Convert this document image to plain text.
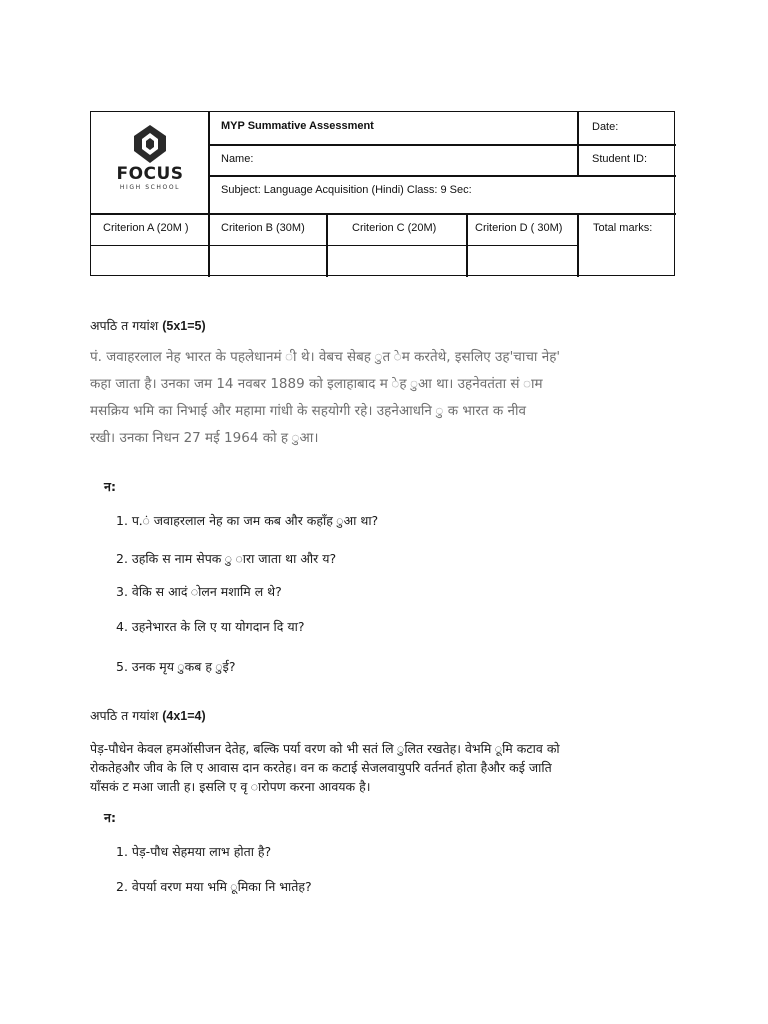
FOCUS
HIGH SCHOOL
MYP Summative Assessment	Date:
Name:	Student ID:
Subject: Language Acquisition (Hindi) Class: 9 Sec:
Criterion A (20M )	Criterion B (30M)	Criterion C (20M)	Criterion D ( 30M)	Total marks:
अपठि त गयांश (5x1=5)
पं. जवाहरलाल नेह भारत के पहलेधानमं ी थे। वेबच सेबह ुत ेम करतेथे, इसलिए उह'चाचा नेह'
कहा जाता है। उनका जम 14 नवबर 1889 को इलाहाबाद म ेह ुआ था। उहनेवतंता सं ाम
मसक्रिय भमि का निभाई और महामा गांधी के सहयोगी रहे। उहनेआधनि ु क भारत क नीव
रखी। उनका निधन 27 मई 1964 को ह ुआ।
न:
1. प.ं जवाहरलाल नेह का जम कब और कहाँह ुआ था?
2. उहकि स नाम सेपक ु ारा जाता था और य?
3. वेकि स आदं ोलन मशामि ल थे?
4. उहनेभारत के लि ए या योगदान दि या?
5. उनक मृय ुकब ह ुई?
अपठि त गयांश (4x1=4)
पेड़-पौधेन केवल हमऑसीजन देतेह, बल्कि पर्या वरण को भी सतं लि ुलित रखतेह। वेभमि ूमि कटाव को
रोकतेहऔर जीव के लि ए आवास दान करतेह। वन क कटाई सेजलवायुपरि वर्तनर्त होता हैऔर कई जाति
याँसकं ट मआ जाती ह। इसलि ए वृ ारोपण करना आवयक है।
न:
1. पेड़-पौध सेहमया लाभ होता है?
2. वेपर्या वरण मया भमि ूमिका नि भातेह?
